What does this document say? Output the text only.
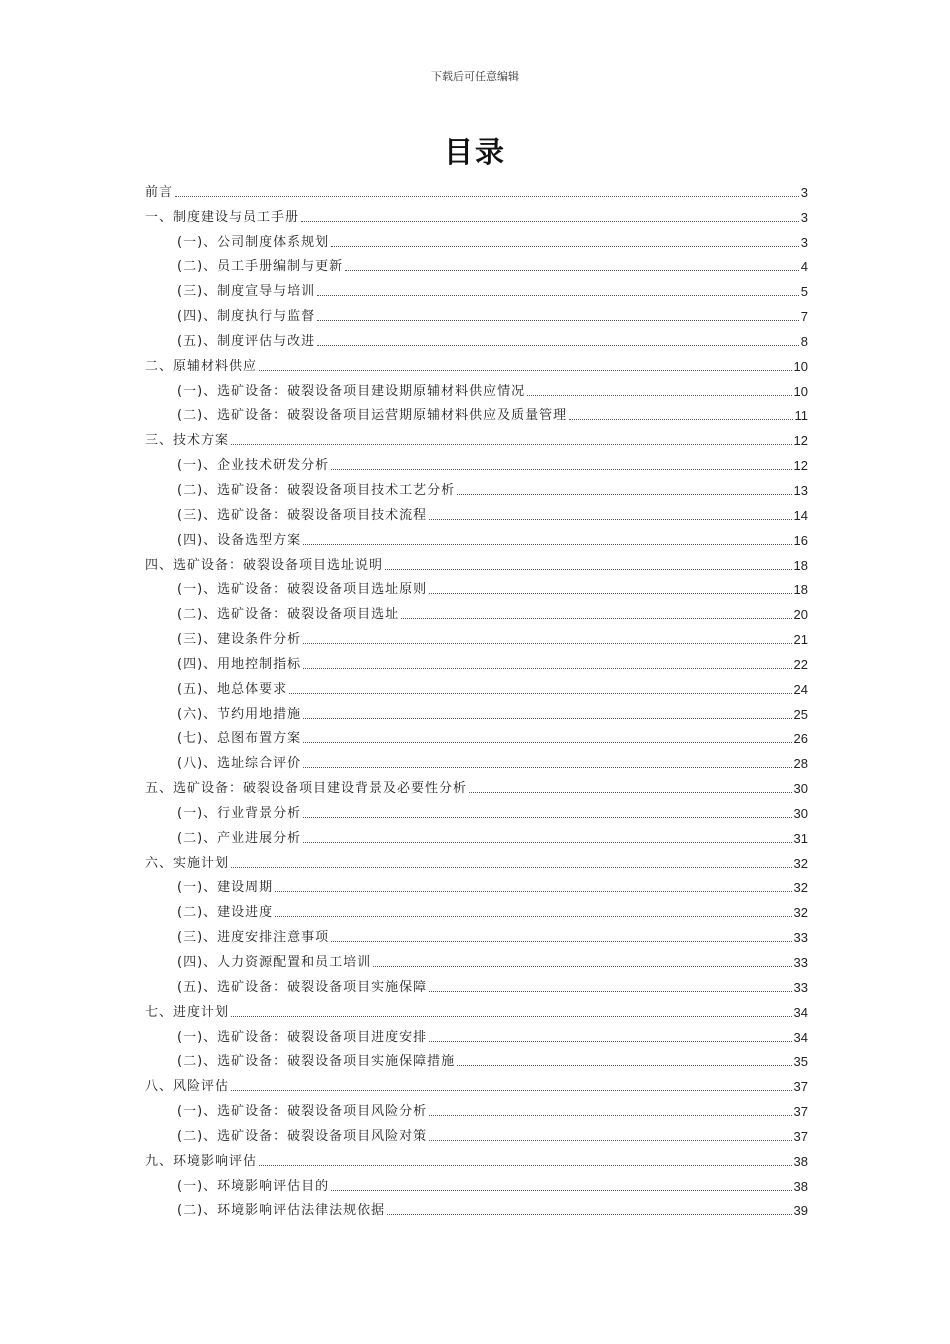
下载后可任意编辑
目录
前言	3
一、制度建设与员工手册	3
(一)、公司制度体系规划	3
(二)、员工手册编制与更新	4
(三)、制度宣导与培训	5
(四)、制度执行与监督	7
(五)、制度评估与改进	8
二、原辅材料供应	10
(一)、选矿设备：破裂设备项目建设期原辅材料供应情况	10
(二)、选矿设备：破裂设备项目运营期原辅材料供应及质量管理	11
三、技术方案	12
(一)、企业技术研发分析	12
(二)、选矿设备：破裂设备项目技术工艺分析	13
(三)、选矿设备：破裂设备项目技术流程	14
(四)、设备选型方案	16
四、选矿设备：破裂设备项目选址说明	18
(一)、选矿设备：破裂设备项目选址原则	18
(二)、选矿设备：破裂设备项目选址	20
(三)、建设条件分析	21
(四)、用地控制指标	22
(五)、地总体要求	24
(六)、节约用地措施	25
(七)、总图布置方案	26
(八)、选址综合评价	28
五、选矿设备：破裂设备项目建设背景及必要性分析	30
(一)、行业背景分析	30
(二)、产业进展分析	31
六、实施计划	32
(一)、建设周期	32
(二)、建设进度	32
(三)、进度安排注意事项	33
(四)、人力资源配置和员工培训	33
(五)、选矿设备：破裂设备项目实施保障	33
七、进度计划	34
(一)、选矿设备：破裂设备项目进度安排	34
(二)、选矿设备：破裂设备项目实施保障措施	35
八、风险评估	37
(一)、选矿设备：破裂设备项目风险分析	37
(二)、选矿设备：破裂设备项目风险对策	37
九、环境影响评估	38
(一)、环境影响评估目的	38
(二)、环境影响评估法律法规依据	39
